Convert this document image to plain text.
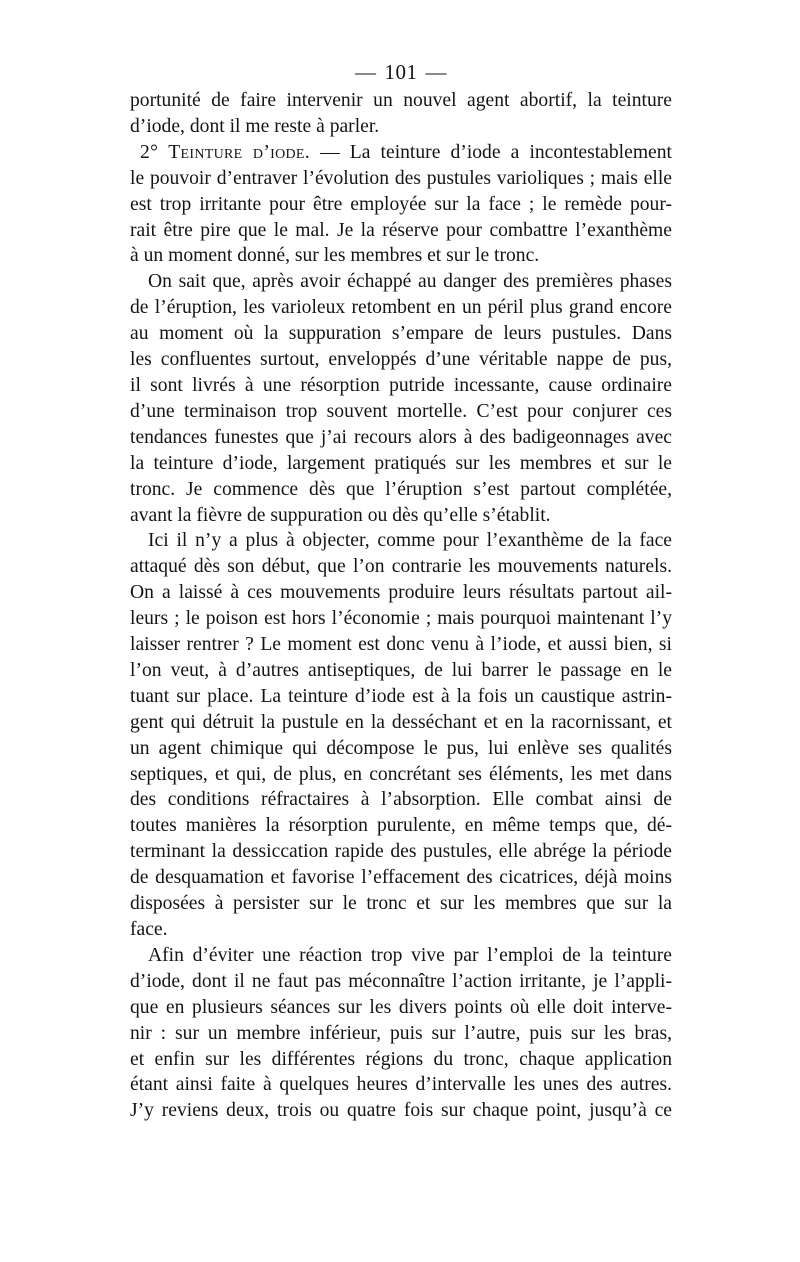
— 101 —

portunité de faire intervenir un nouvel agent abortif, la teinture
d’iode, dont il me reste à parler.

2° Teinture d’iode. — La teinture d’iode a incontestablement
le pouvoir d’entraver l’évolution des pustules varioliques ; mais elle
est trop irritante pour être employée sur la face ; le remède pour-
rait être pire que le mal. Je la réserve pour combattre l’exanthème
à un moment donné, sur les membres et sur le tronc.

On sait que, après avoir échappé au danger des premières phases
de l’éruption, les varioleux retombent en un péril plus grand encore
au moment où la suppuration s’empare de leurs pustules. Dans
les confluentes surtout, enveloppés d’une véritable nappe de pus,
il sont livrés à une résorption putride incessante, cause ordinaire
d’une terminaison trop souvent mortelle. C’est pour conjurer ces
tendances funestes que j’ai recours alors à des badigeonnages avec
la teinture d’iode, largement pratiqués sur les membres et sur le
tronc. Je commence dès que l’éruption s’est partout complétée,
avant la fièvre de suppuration ou dès qu’elle s’établit.

Ici il n’y a plus à objecter, comme pour l’exanthème de la face
attaqué dès son début, que l’on contrarie les mouvements naturels.
On a laissé à ces mouvements produire leurs résultats partout ail-
leurs ; le poison est hors l’économie ; mais pourquoi maintenant l’y
laisser rentrer ? Le moment est donc venu à l’iode, et aussi bien, si
l’on veut, à d’autres antiseptiques, de lui barrer le passage en le
tuant sur place. La teinture d’iode est à la fois un caustique astrin-
gent qui détruit la pustule en la desséchant et en la racornissant, et
un agent chimique qui décompose le pus, lui enlève ses qualités
septiques, et qui, de plus, en concrétant ses éléments, les met dans
des conditions réfractaires à l’absorption. Elle combat ainsi de
toutes manières la résorption purulente, en même temps que, dé-
terminant la dessiccation rapide des pustules, elle abrége la période
de desquamation et favorise l’effacement des cicatrices, déjà moins
disposées à persister sur le tronc et sur les membres que sur la
face.

Afin d’éviter une réaction trop vive par l’emploi de la teinture
d’iode, dont il ne faut pas méconnaître l’action irritante, je l’appli-
que en plusieurs séances sur les divers points où elle doit interve-
nir : sur un membre inférieur, puis sur l’autre, puis sur les bras,
et enfin sur les différentes régions du tronc, chaque application
étant ainsi faite à quelques heures d’intervalle les unes des autres.
J’y reviens deux, trois ou quatre fois sur chaque point, jusqu’à ce
